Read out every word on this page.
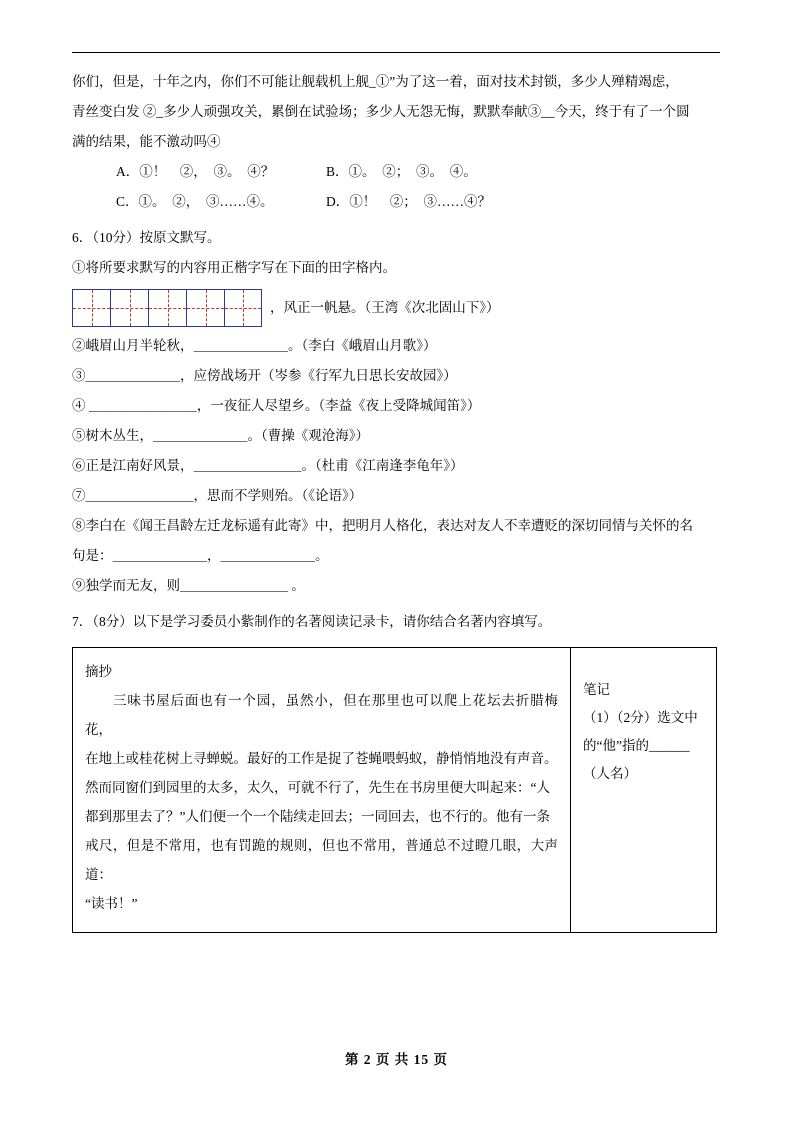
你们，但是，十年之内，你们不可能让舰载机上舰_①”为了这一着，面对技术封锁，多少人殚精竭虑，
青丝变白发 ②_多少人顽强攻关，累倒在试验场；多少人无怨无悔，默默奉献③__今天，终于有了一个圆
满的结果，能不激动吗④
A．①！　②，　③。　④？	B．①。　②；　③。　④。
C．①。　②，　③……④。	D．①！　②；　③……④？
6．（10分）按原文默写。
①将所要求默写的内容用正楷字写在下面的田字格内。
，风正一帆悬。（王湾《次北固山下》）
②峨眉山月半轮秋，＿＿＿＿＿＿＿。（李白《峨眉山月歌》）
③＿＿＿＿＿＿＿，应傍战场开（岑参《行军九日思长安故园》）
④ ＿＿＿＿＿＿＿＿，一夜征人尽望乡。（李益《夜上受降城闻笛》）
⑤树木丛生，＿＿＿＿＿＿＿。（曹操《观沧海》）
⑥正是江南好风景，＿＿＿＿＿＿＿＿。（杜甫《江南逢李龟年》）
⑦＿＿＿＿＿＿＿＿，思而不学则殆。（《论语》）
⑧李白在《闻王昌龄左迁龙标遥有此寄》中，把明月人格化，表达对友人不幸遭贬的深切同情与关怀的名
句是：＿＿＿＿＿＿＿，＿＿＿＿＿＿＿。
⑨独学而无友，则＿＿＿＿＿＿＿＿ 。
7．（8分）以下是学习委员小紫制作的名著阅读记录卡，请你结合名著内容填写。
摘抄
三味书屋后面也有一个园，虽然小，但在那里也可以爬上花坛去折腊梅花，
在地上或桂花树上寻蝉蜕。最好的工作是捉了苍蝇喂蚂蚁，静悄悄地没有声音。
然而同窗们到园里的太多，太久，可就不行了，先生在书房里便大叫起来：“人
都到那里去了？”人们便一个一个陆续走回去；一同回去，也不行的。他有一条
戒尺，但是不常用，也有罚跪的规则，但也不常用，普通总不过瞪几眼，大声道：
“读书！”
笔记
（1）（2分）选文中
的“他”指的______
（人名）
第 2 页 共 15 页
